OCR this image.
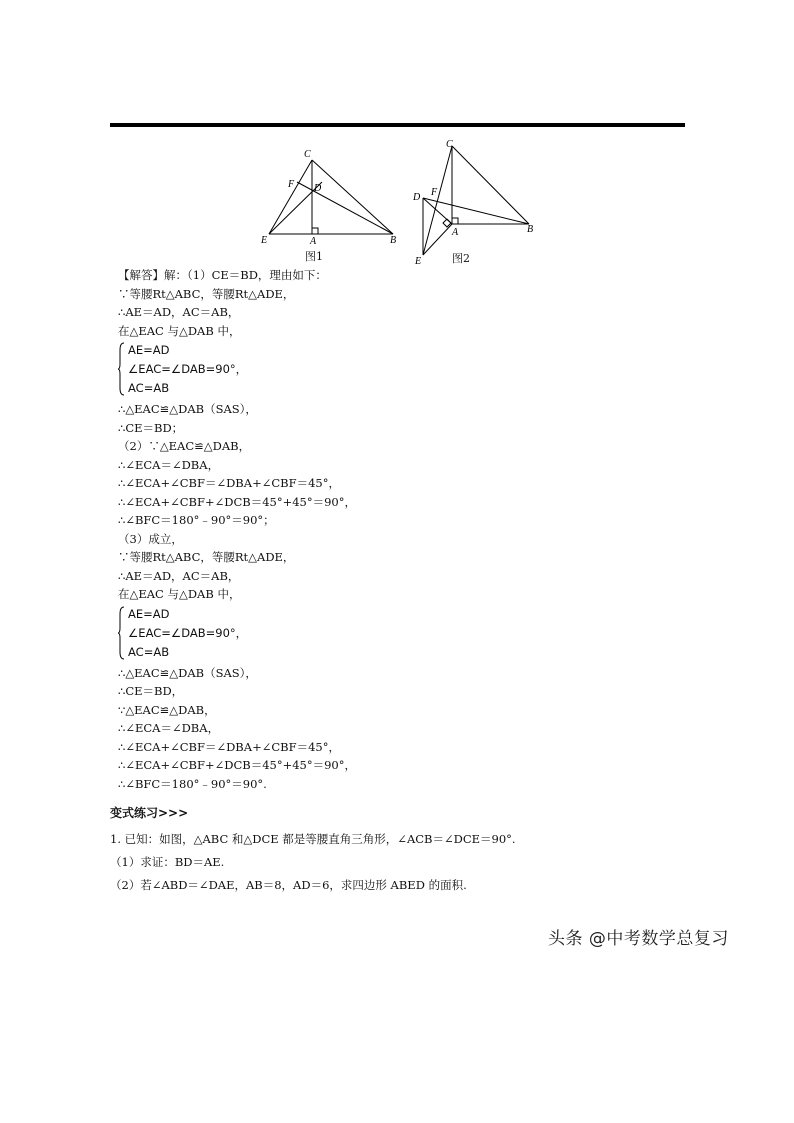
C
F D
E	A	B
图1
C
F
D
E
A	B
图2
【解答】解：（1）CE＝BD，理由如下：
∵等腰Rt△ABC，等腰Rt△ADE，
∴AE＝AD，AC＝AB，
在△EAC 与△DAB 中，
AE=AD
∠EAC=∠DAB=90°，
AC=AB
∴△EAC≌△DAB（SAS），
∴CE＝BD；
（2）∵△EAC≌△DAB，
∴∠ECA＝∠DBA，
∴∠ECA+∠CBF＝∠DBA+∠CBF＝45°，
∴∠ECA+∠CBF+∠DCB＝45°+45°＝90°，
∴∠BFC＝180°﹣90°＝90°；
（3）成立，
∵等腰Rt△ABC，等腰Rt△ADE，
∴AE＝AD，AC＝AB，
在△EAC 与△DAB 中，
AE=AD
∠EAC=∠DAB=90°，
AC=AB
∴△EAC≌△DAB（SAS），
∴CE＝BD，
∵△EAC≌△DAB，
∴∠ECA＝∠DBA，
∴∠ECA+∠CBF＝∠DBA+∠CBF＝45°，
∴∠ECA+∠CBF+∠DCB＝45°+45°＝90°，
∴∠BFC＝180°﹣90°＝90°.
变式练习>>>
1. 已知：如图，△ABC 和△DCE 都是等腰直角三角形，∠ACB＝∠DCE＝90°.
（1）求证：BD＝AE.
（2）若∠ABD＝∠DAE，AB＝8，AD＝6，求四边形 ABED 的面积.
头条 @中考数学总复习
